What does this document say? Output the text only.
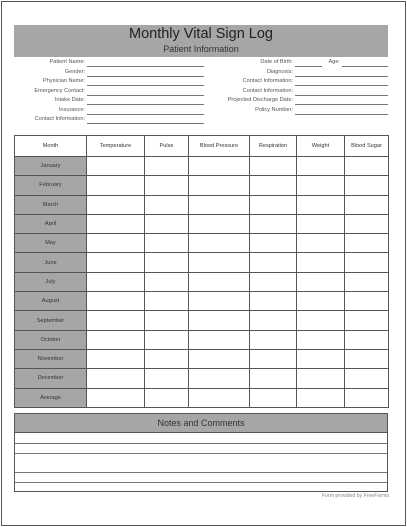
Monthly Vital Sign Log
Patient Information
Patient Name:
Gender:
Physician Name:
Emergency Contact:
Intake Date:
Insurance:
Contact Information:
Date of Birth:	Age:
Diagnosis:
Contact Information:
Contact Information:
Projected Discharge Date:
Policy Number:
Month	Temperature	Pulse	Blood Pressure	Respiration	Weight	Blood Sugar
January						
February						
March						
April						
May						
June						
July						
August						
September						
October						
November						
December						
Average						
Notes and Comments
Form provided by FreeForms
